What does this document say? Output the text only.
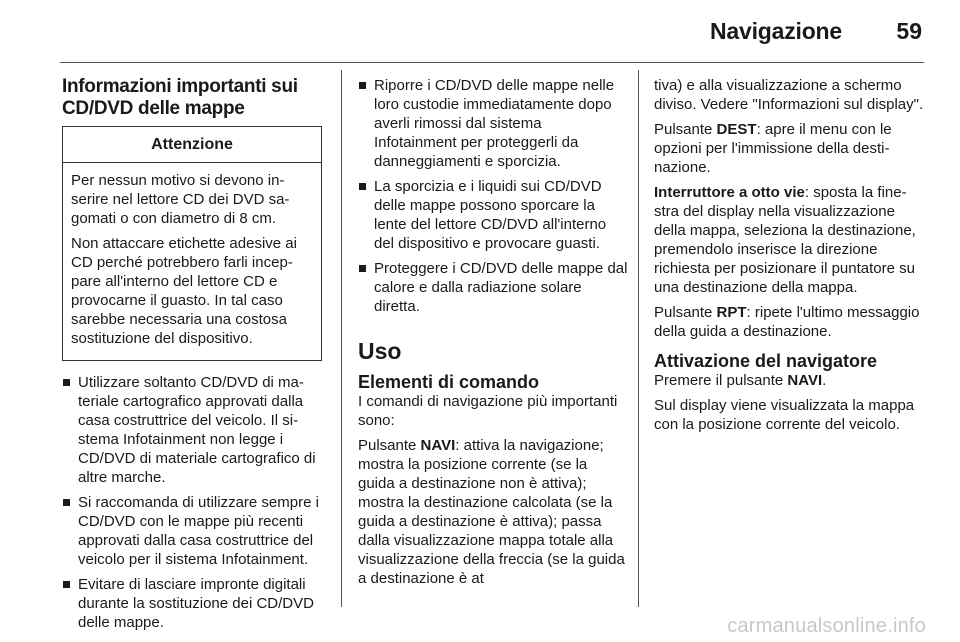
Navigazione 59
Informazioni importanti sui
CD/DVD delle mappe
Attenzione

Per nessun motivo si devono inserire nel lettore CD dei DVD sagomati o con diametro di 8 cm.

Non attaccare etichette adesive ai CD perché potrebbero farli inceppare all'interno del lettore CD e provocarne il guasto. In tal caso sarebbe necessaria una costosa sostituzione del dispositivo.

Utilizzare soltanto CD/DVD di materiale cartografico approvati dalla casa costruttrice del veicolo. Il sistema Infotainment non legge i CD/DVD di materiale cartografico di altre marche.
Si raccomanda di utilizzare sempre i CD/DVD con le mappe più recenti approvati dalla casa costruttrice del veicolo per il sistema Infotainment.
Evitare di lasciare impronte digitali durante la sostituzione dei CD/DVD delle mappe.
Riporre i CD/DVD delle mappe nelle loro custodie immediatamente dopo averli rimossi dal sistema Infotainment per proteggerli da danneggiamenti e sporcizia.
La sporcizia e i liquidi sui CD/DVD delle mappe possono sporcare la lente del lettore CD/DVD all'interno del dispositivo e provocare guasti.
Proteggere i CD/DVD delle mappe dal calore e dalla radiazione solare diretta.
Uso
Elementi di comando

I comandi di navigazione più importanti sono:

Pulsante NAVI: attiva la navigazione; mostra la posizione corrente (se la guida a destinazione non è attiva); mostra la destinazione calcolata (se la guida a destinazione è attiva); passa dalla visualizzazione mappa totale alla visualizzazione della freccia (se la guida a destinazione è at

tiva) e alla visualizzazione a schermo diviso. Vedere "Informazioni sul display".

Pulsante DEST: apre il menu con le opzioni per l'immissione della destinazione.

Interruttore a otto vie: sposta la finestra del display nella visualizzazione della mappa, seleziona la destinazione, premendolo inserisce la direzione richiesta per posizionare il puntatore su una destinazione della mappa.

Pulsante RPT: ripete l'ultimo messaggio della guida a destinazione.

Attivazione del navigatore

Premere il pulsante NAVI.

Sul display viene visualizzata la mappa con la posizione corrente del veicolo.

carmanualsonline.info
